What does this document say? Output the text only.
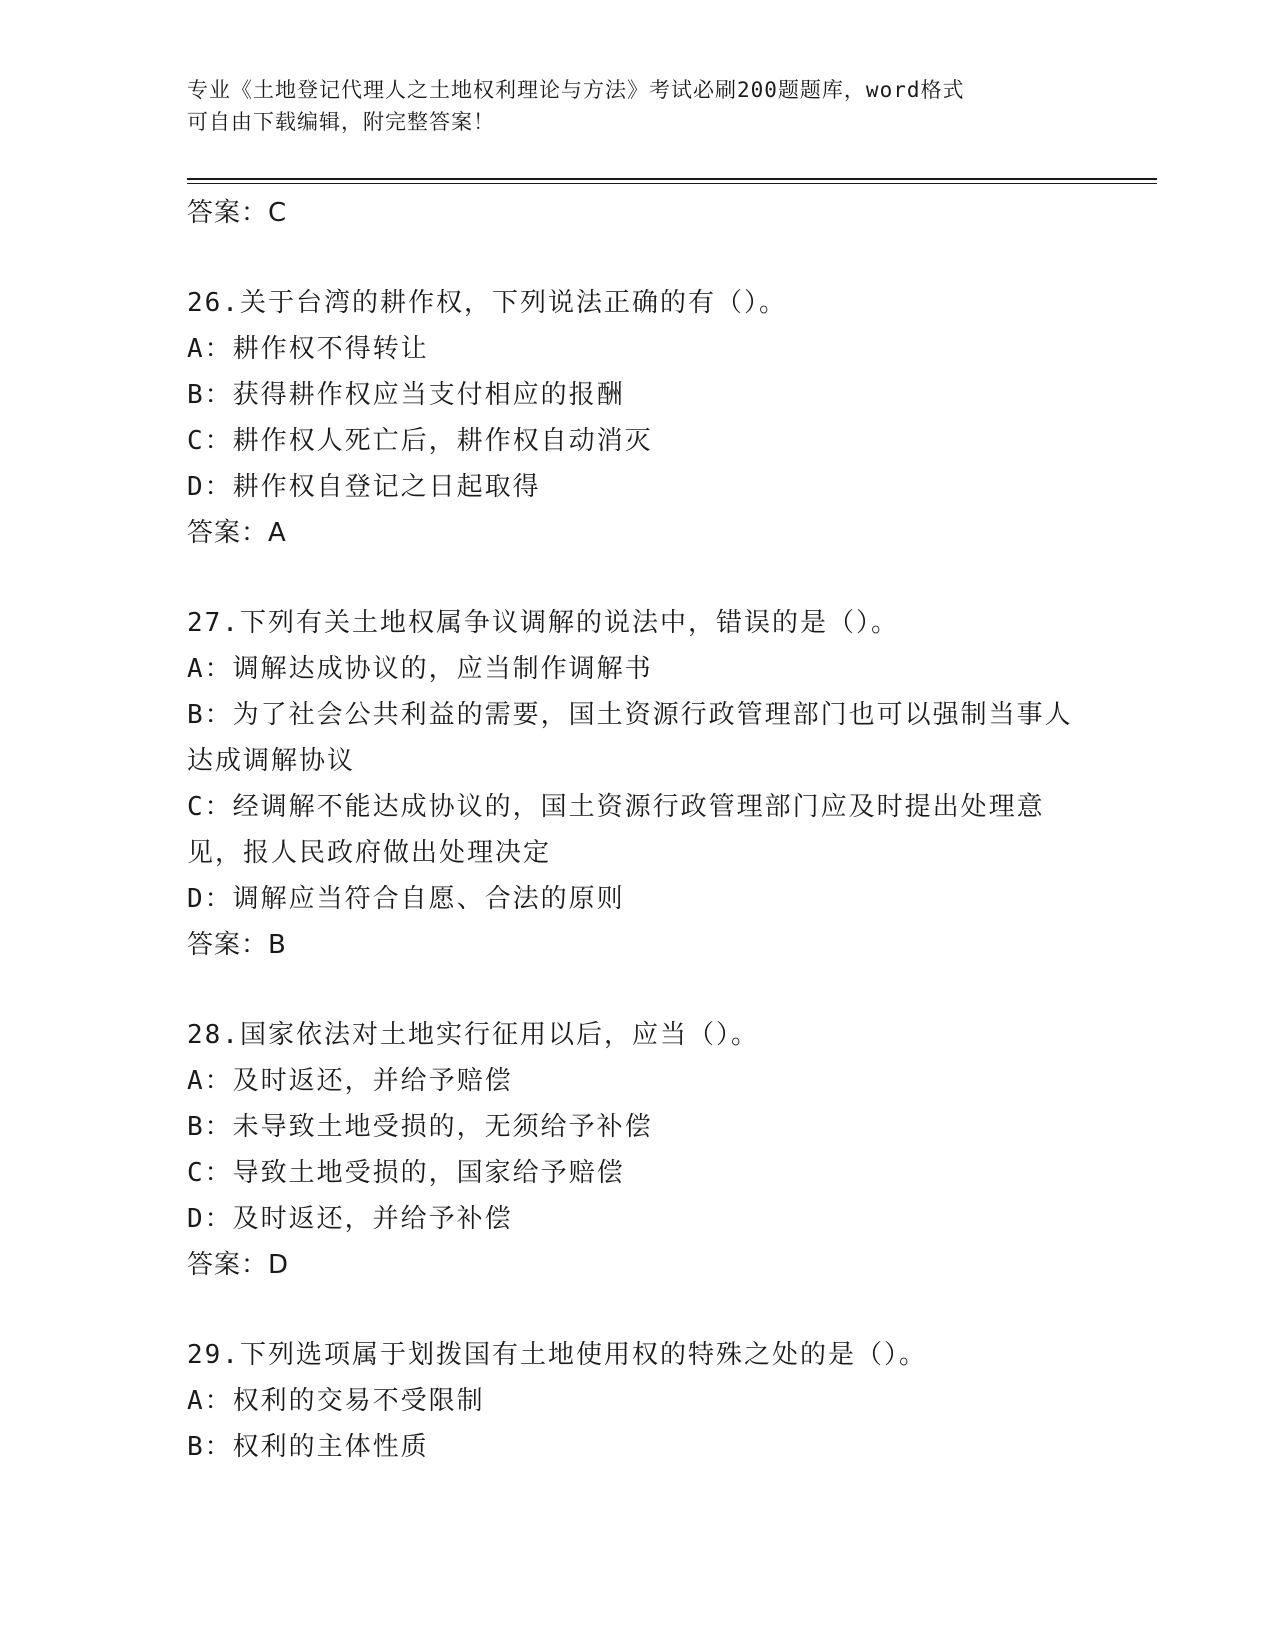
专业《土地登记代理人之土地权利理论与方法》考试必刷200题题库，word格式
可自由下载编辑，附完整答案！
答案：C
26.关于台湾的耕作权，下列说法正确的有（）。
A：耕作权不得转让
B：获得耕作权应当支付相应的报酬
C：耕作权人死亡后，耕作权自动消灭
D：耕作权自登记之日起取得
答案：A
27.下列有关土地权属争议调解的说法中，错误的是（）。
A：调解达成协议的，应当制作调解书
B：为了社会公共利益的需要，国土资源行政管理部门也可以强制当事人达成调解协议
C：经调解不能达成协议的，国土资源行政管理部门应及时提出处理意见，报人民政府做出处理决定
D：调解应当符合自愿、合法的原则
答案：B
28.国家依法对土地实行征用以后，应当（）。
A：及时返还，并给予赔偿
B：未导致土地受损的，无须给予补偿
C：导致土地受损的，国家给予赔偿
D：及时返还，并给予补偿
答案：D
29.下列选项属于划拨国有土地使用权的特殊之处的是（）。
A：权利的交易不受限制
B：权利的主体性质
